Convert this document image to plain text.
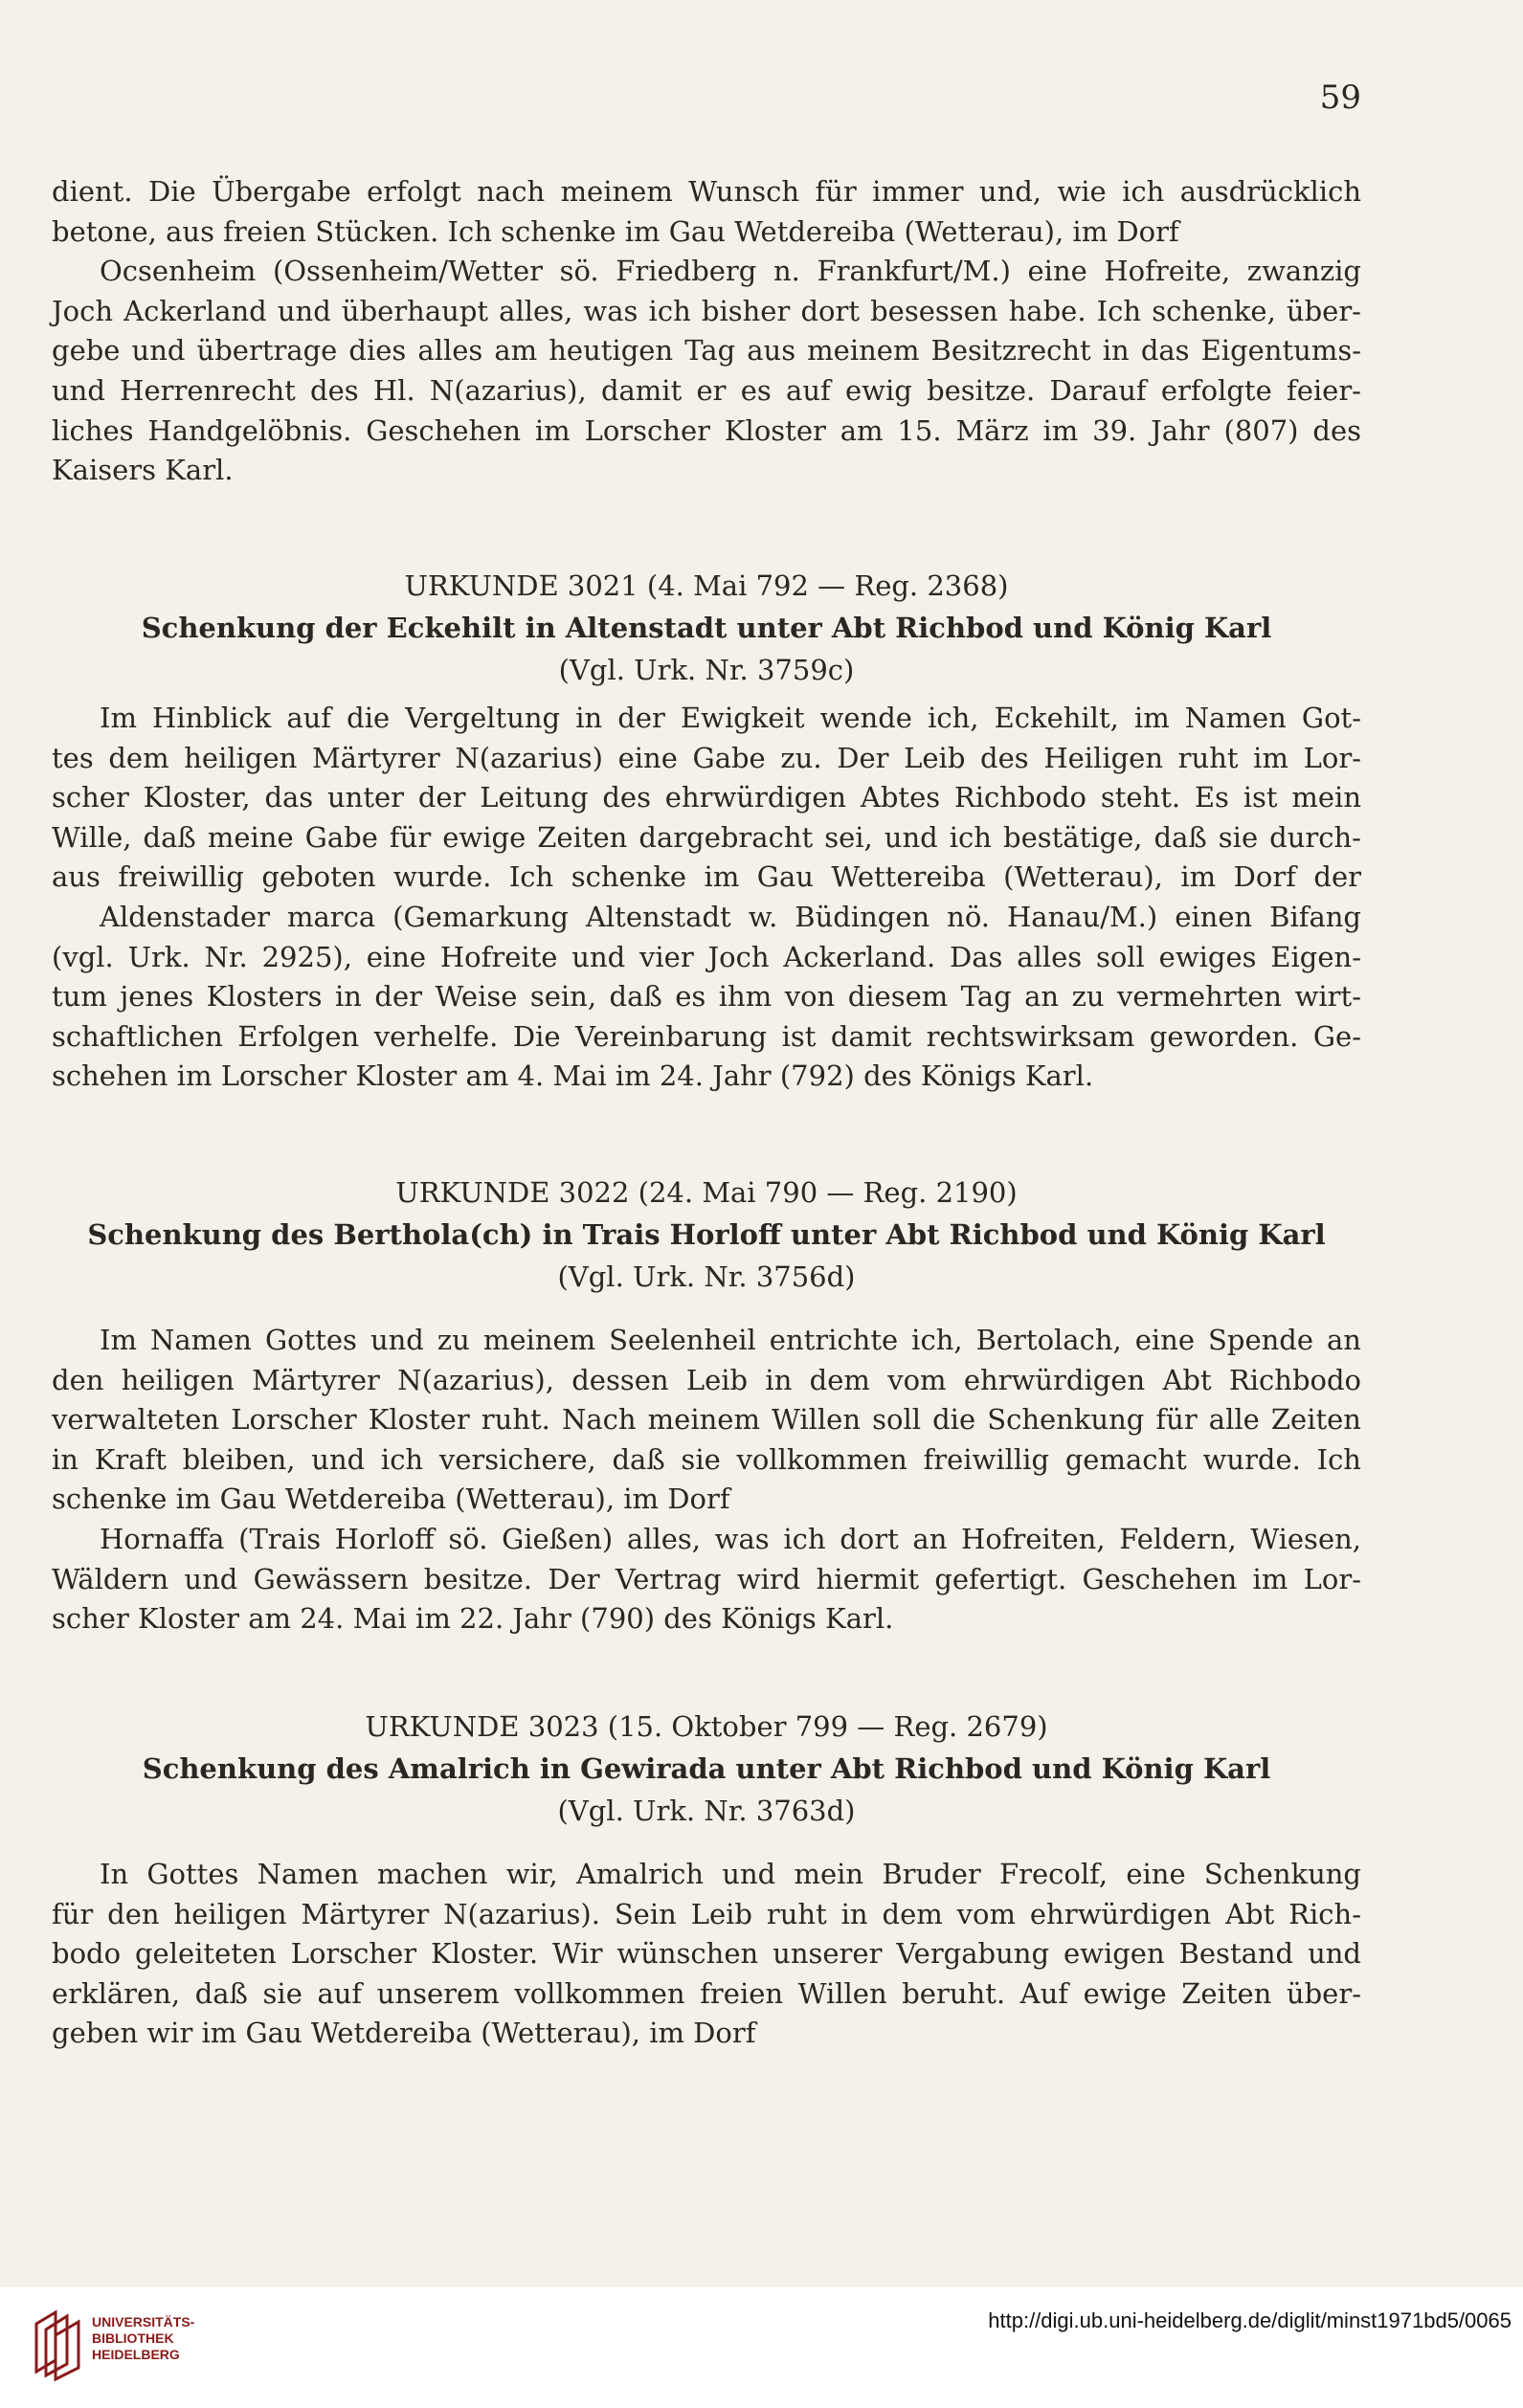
59
dient. Die Übergabe erfolgt nach meinem Wunsch für immer und, wie ich ausdrücklich
betone, aus freien Stücken. Ich schenke im Gau Wetdereiba (Wetterau), im Dorf
Ocsenheim (Ossenheim/Wetter sö. Friedberg n. Frankfurt/M.) eine Hofreite, zwanzig
Joch Ackerland und überhaupt alles, was ich bisher dort besessen habe. Ich schenke, über-
gebe und übertrage dies alles am heutigen Tag aus meinem Besitzrecht in das Eigentums-
und Herrenrecht des Hl. N(azarius), damit er es auf ewig besitze. Darauf erfolgte feier-
liches Handgelöbnis. Geschehen im Lorscher Kloster am 15. März im 39. Jahr (807) des
Kaisers Karl.
URKUNDE 3021 (4. Mai 792 — Reg. 2368)
Schenkung der Eckehilt in Altenstadt unter Abt Richbod und König Karl
(Vgl. Urk. Nr. 3759c)
Im Hinblick auf die Vergeltung in der Ewigkeit wende ich, Eckehilt, im Namen Got-
tes dem heiligen Märtyrer N(azarius) eine Gabe zu. Der Leib des Heiligen ruht im Lor-
scher Kloster, das unter der Leitung des ehrwürdigen Abtes Richbodo steht. Es ist mein
Wille, daß meine Gabe für ewige Zeiten dargebracht sei, und ich bestätige, daß sie durch-
aus freiwillig geboten wurde. Ich schenke im Gau Wettereiba (Wetterau), im Dorf der
Aldenstader marca (Gemarkung Altenstadt w. Büdingen nö. Hanau/M.) einen Bifang
(vgl. Urk. Nr. 2925), eine Hofreite und vier Joch Ackerland. Das alles soll ewiges Eigen-
tum jenes Klosters in der Weise sein, daß es ihm von diesem Tag an zu vermehrten wirt-
schaftlichen Erfolgen verhelfe. Die Vereinbarung ist damit rechtswirksam geworden. Ge-
schehen im Lorscher Kloster am 4. Mai im 24. Jahr (792) des Königs Karl.
URKUNDE 3022 (24. Mai 790 — Reg. 2190)
Schenkung des Berthola(ch) in Trais Horloff unter Abt Richbod und König Karl
(Vgl. Urk. Nr. 3756d)
Im Namen Gottes und zu meinem Seelenheil entrichte ich, Bertolach, eine Spende an
den heiligen Märtyrer N(azarius), dessen Leib in dem vom ehrwürdigen Abt Richbodo
verwalteten Lorscher Kloster ruht. Nach meinem Willen soll die Schenkung für alle Zeiten
in Kraft bleiben, und ich versichere, daß sie vollkommen freiwillig gemacht wurde. Ich
schenke im Gau Wetdereiba (Wetterau), im Dorf
Hornaffa (Trais Horloff sö. Gießen) alles, was ich dort an Hofreiten, Feldern, Wiesen,
Wäldern und Gewässern besitze. Der Vertrag wird hiermit gefertigt. Geschehen im Lor-
scher Kloster am 24. Mai im 22. Jahr (790) des Königs Karl.
URKUNDE 3023 (15. Oktober 799 — Reg. 2679)
Schenkung des Amalrich in Gewirada unter Abt Richbod und König Karl
(Vgl. Urk. Nr. 3763d)
In Gottes Namen machen wir, Amalrich und mein Bruder Frecolf, eine Schenkung
für den heiligen Märtyrer N(azarius). Sein Leib ruht in dem vom ehrwürdigen Abt Rich-
bodo geleiteten Lorscher Kloster. Wir wünschen unserer Vergabung ewigen Bestand und
erklären, daß sie auf unserem vollkommen freien Willen beruht. Auf ewige Zeiten über-
geben wir im Gau Wetdereiba (Wetterau), im Dorf
UNIVERSITÄTS-
BIBLIOTHEK
HEIDELBERG
http://digi.ub.uni-heidelberg.de/diglit/minst1971bd5/0065
